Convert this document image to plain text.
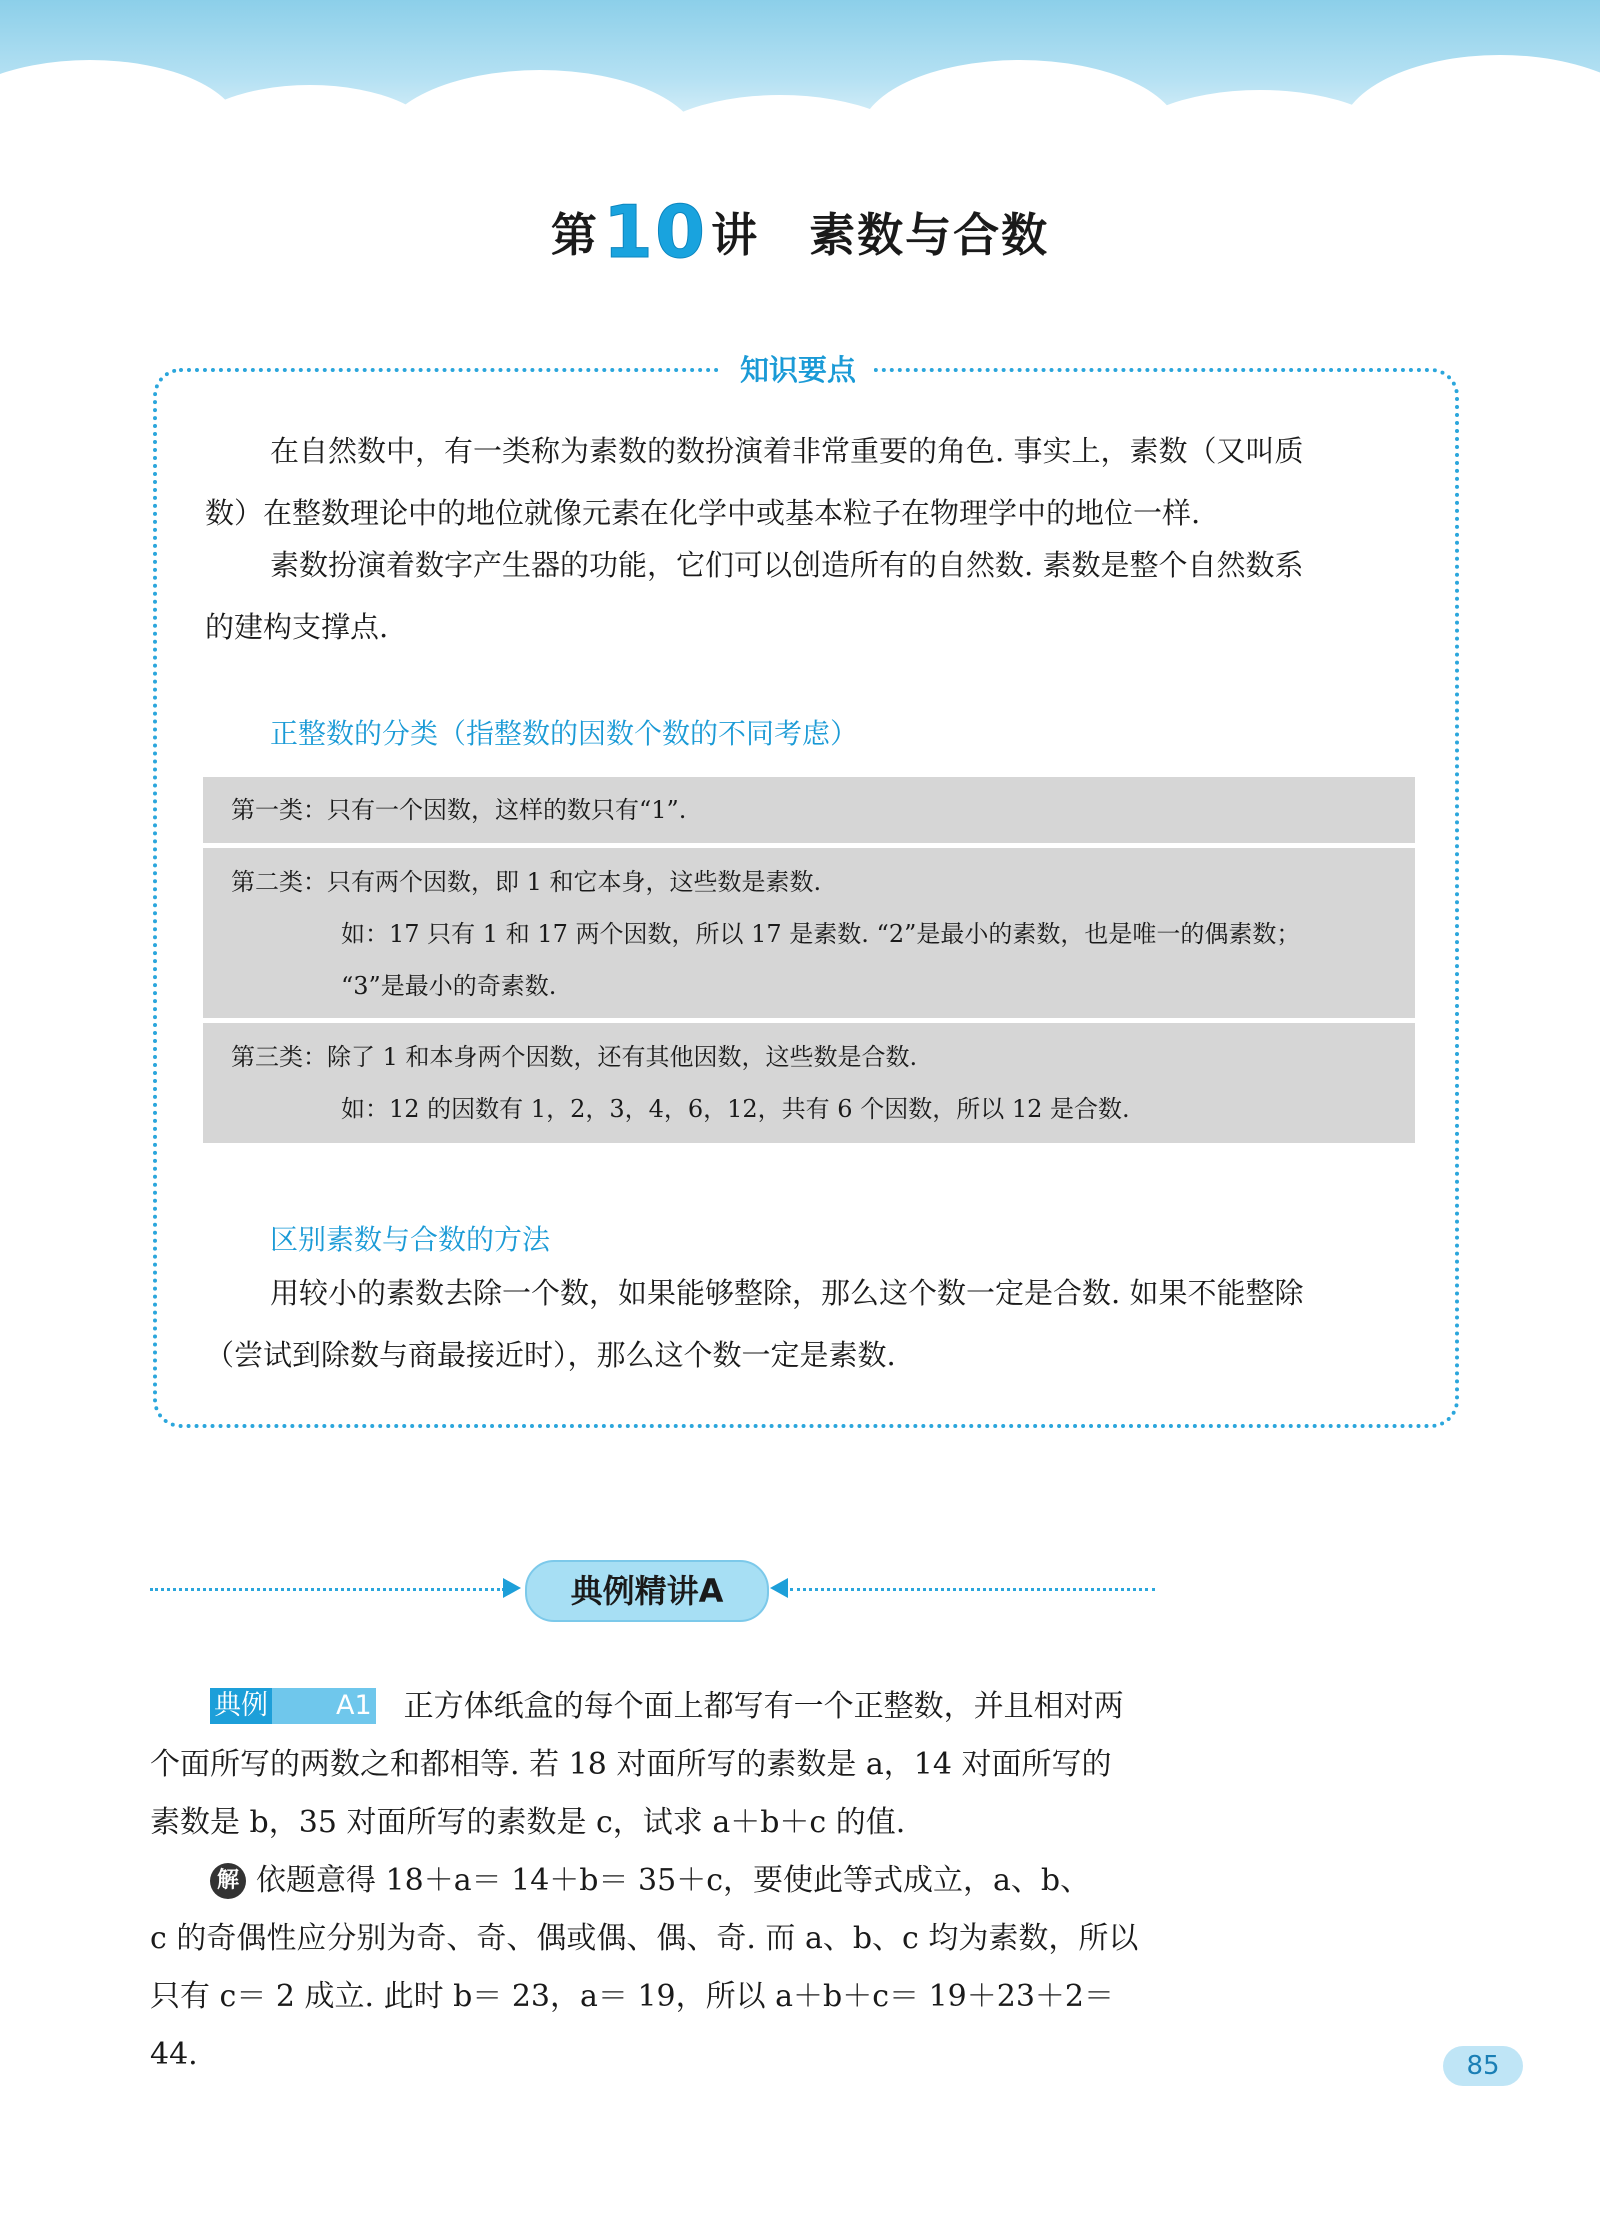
第10讲 素数与合数
知识要点
在自然数中，有一类称为素数的数扮演着非常重要的角色. 事实上，素数（又叫质
数）在整数理论中的地位就像元素在化学中或基本粒子在物理学中的地位一样.
素数扮演着数字产生器的功能，它们可以创造所有的自然数. 素数是整个自然数系
的建构支撑点.
正整数的分类（指整数的因数个数的不同考虑）
第一类：只有一个因数，这样的数只有“1”.
第二类：只有两个因数，即 1 和它本身，这些数是素数.
如：17 只有 1 和 17 两个因数，所以 17 是素数. “2”是最小的素数，也是唯一的偶素数；
“3”是最小的奇素数.
第三类：除了 1 和本身两个因数，还有其他因数，这些数是合数.
如：12 的因数有 1，2，3，4，6，12，共有 6 个因数，所以 12 是合数.
区别素数与合数的方法
用较小的素数去除一个数，如果能够整除，那么这个数一定是合数. 如果不能整除
（尝试到除数与商最接近时），那么这个数一定是素数.
典例精讲A
典例	A1 正方体纸盒的每个面上都写有一个正整数，并且相对两
个面所写的两数之和都相等. 若 18 对面所写的素数是 a，14 对面所写的
素数是 b，35 对面所写的素数是 c，试求 a＋b＋c 的值.
解 依题意得 18＋a＝ 14＋b＝ 35＋c，要使此等式成立，a、b、
c 的奇偶性应分别为奇、奇、偶或偶、偶、奇. 而 a、b、c 均为素数，所以
只有 c＝ 2 成立. 此时 b＝ 23，a＝ 19，所以 a＋b＋c＝ 19＋23＋2＝
44.	85
